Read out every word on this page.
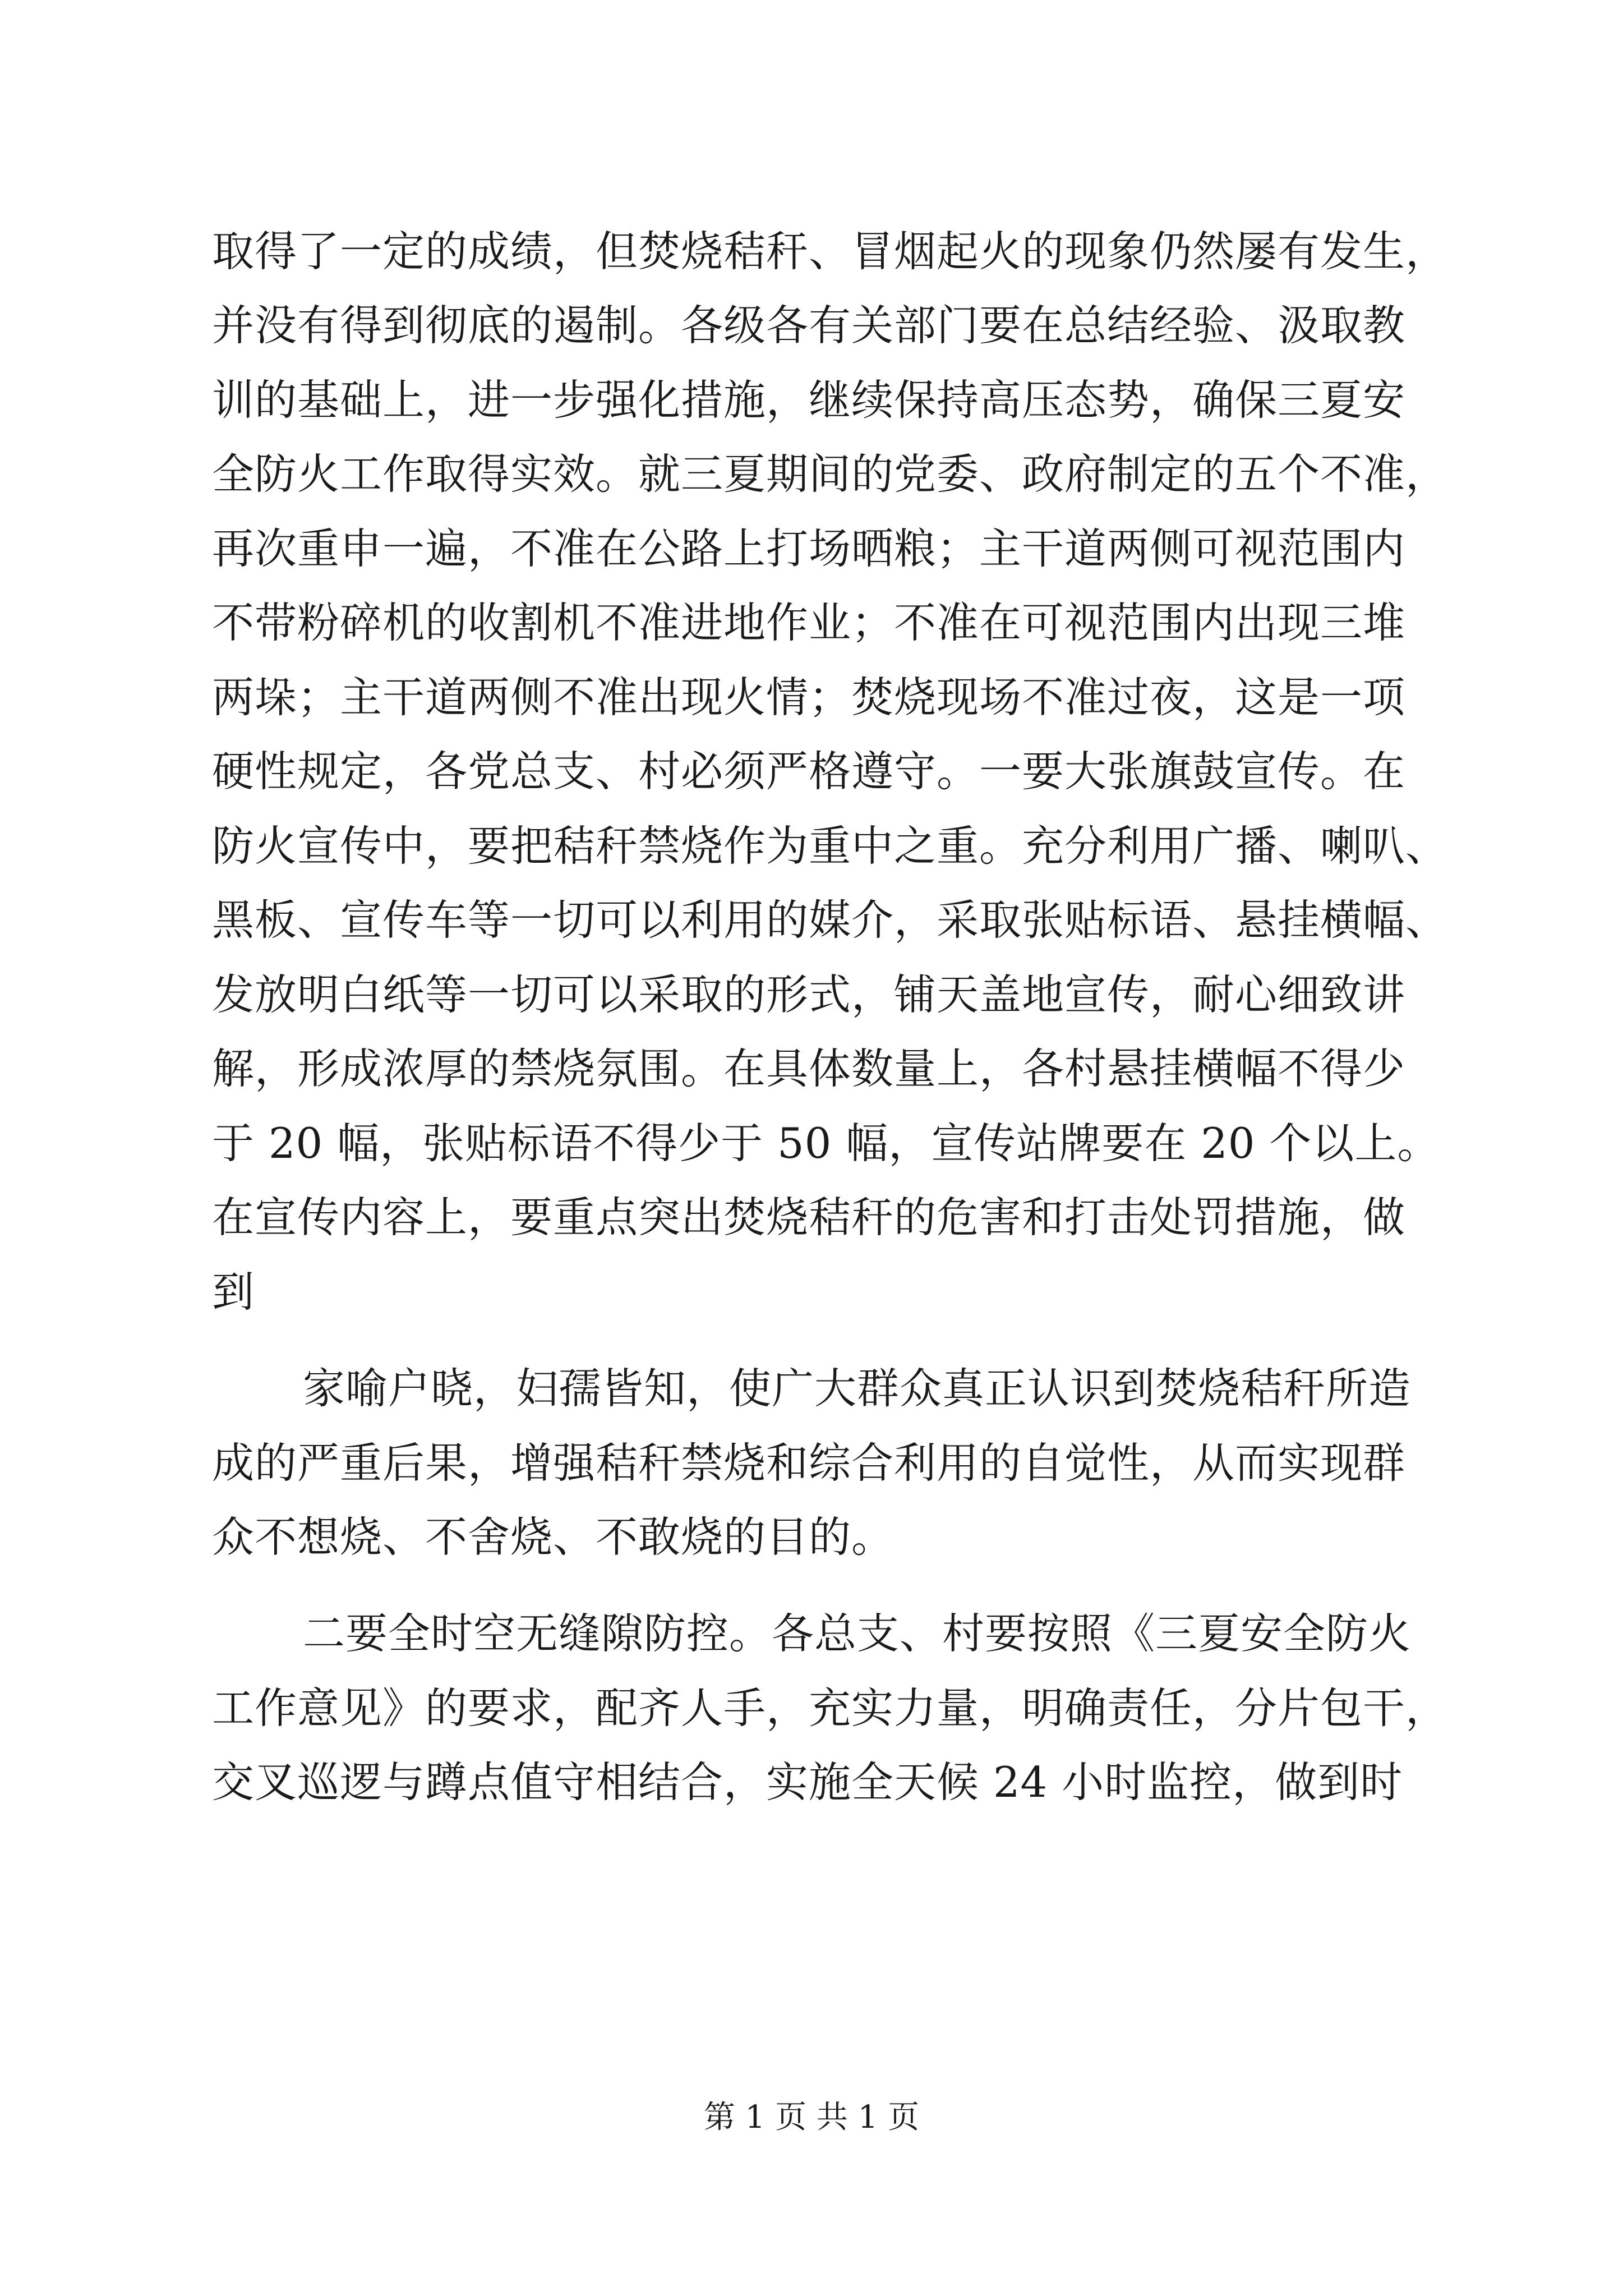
取得了一定的成绩，但焚烧秸秆、冒烟起火的现象仍然屡有发生，
并没有得到彻底的遏制。各级各有关部门要在总结经验、汲取教
训的基础上，进一步强化措施，继续保持高压态势，确保三夏安
全防火工作取得实效。就三夏期间的党委、政府制定的五个不准，
再次重申一遍，不准在公路上打场晒粮；主干道两侧可视范围内
不带粉碎机的收割机不准进地作业；不准在可视范围内出现三堆
两垛；主干道两侧不准出现火情；焚烧现场不准过夜，这是一项
硬性规定，各党总支、村必须严格遵守。一要大张旗鼓宣传。在
防火宣传中，要把秸秆禁烧作为重中之重。充分利用广播、喇叭、
黑板、宣传车等一切可以利用的媒介，采取张贴标语、悬挂横幅、
发放明白纸等一切可以采取的形式，铺天盖地宣传，耐心细致讲
解，形成浓厚的禁烧氛围。在具体数量上，各村悬挂横幅不得少
于 20 幅，张贴标语不得少于 50 幅，宣传站牌要在 20 个以上。
在宣传内容上，要重点突出焚烧秸秆的危害和打击处罚措施，做
到
家喻户晓，妇孺皆知，使广大群众真正认识到焚烧秸秆所造
成的严重后果，增强秸秆禁烧和综合利用的自觉性，从而实现群
众不想烧、不舍烧、不敢烧的目的。
二要全时空无缝隙防控。各总支、村要按照《三夏安全防火
工作意见》的要求，配齐人手，充实力量，明确责任，分片包干，
交叉巡逻与蹲点值守相结合，实施全天候 24 小时监控，做到时
第 1 页 共 1 页
